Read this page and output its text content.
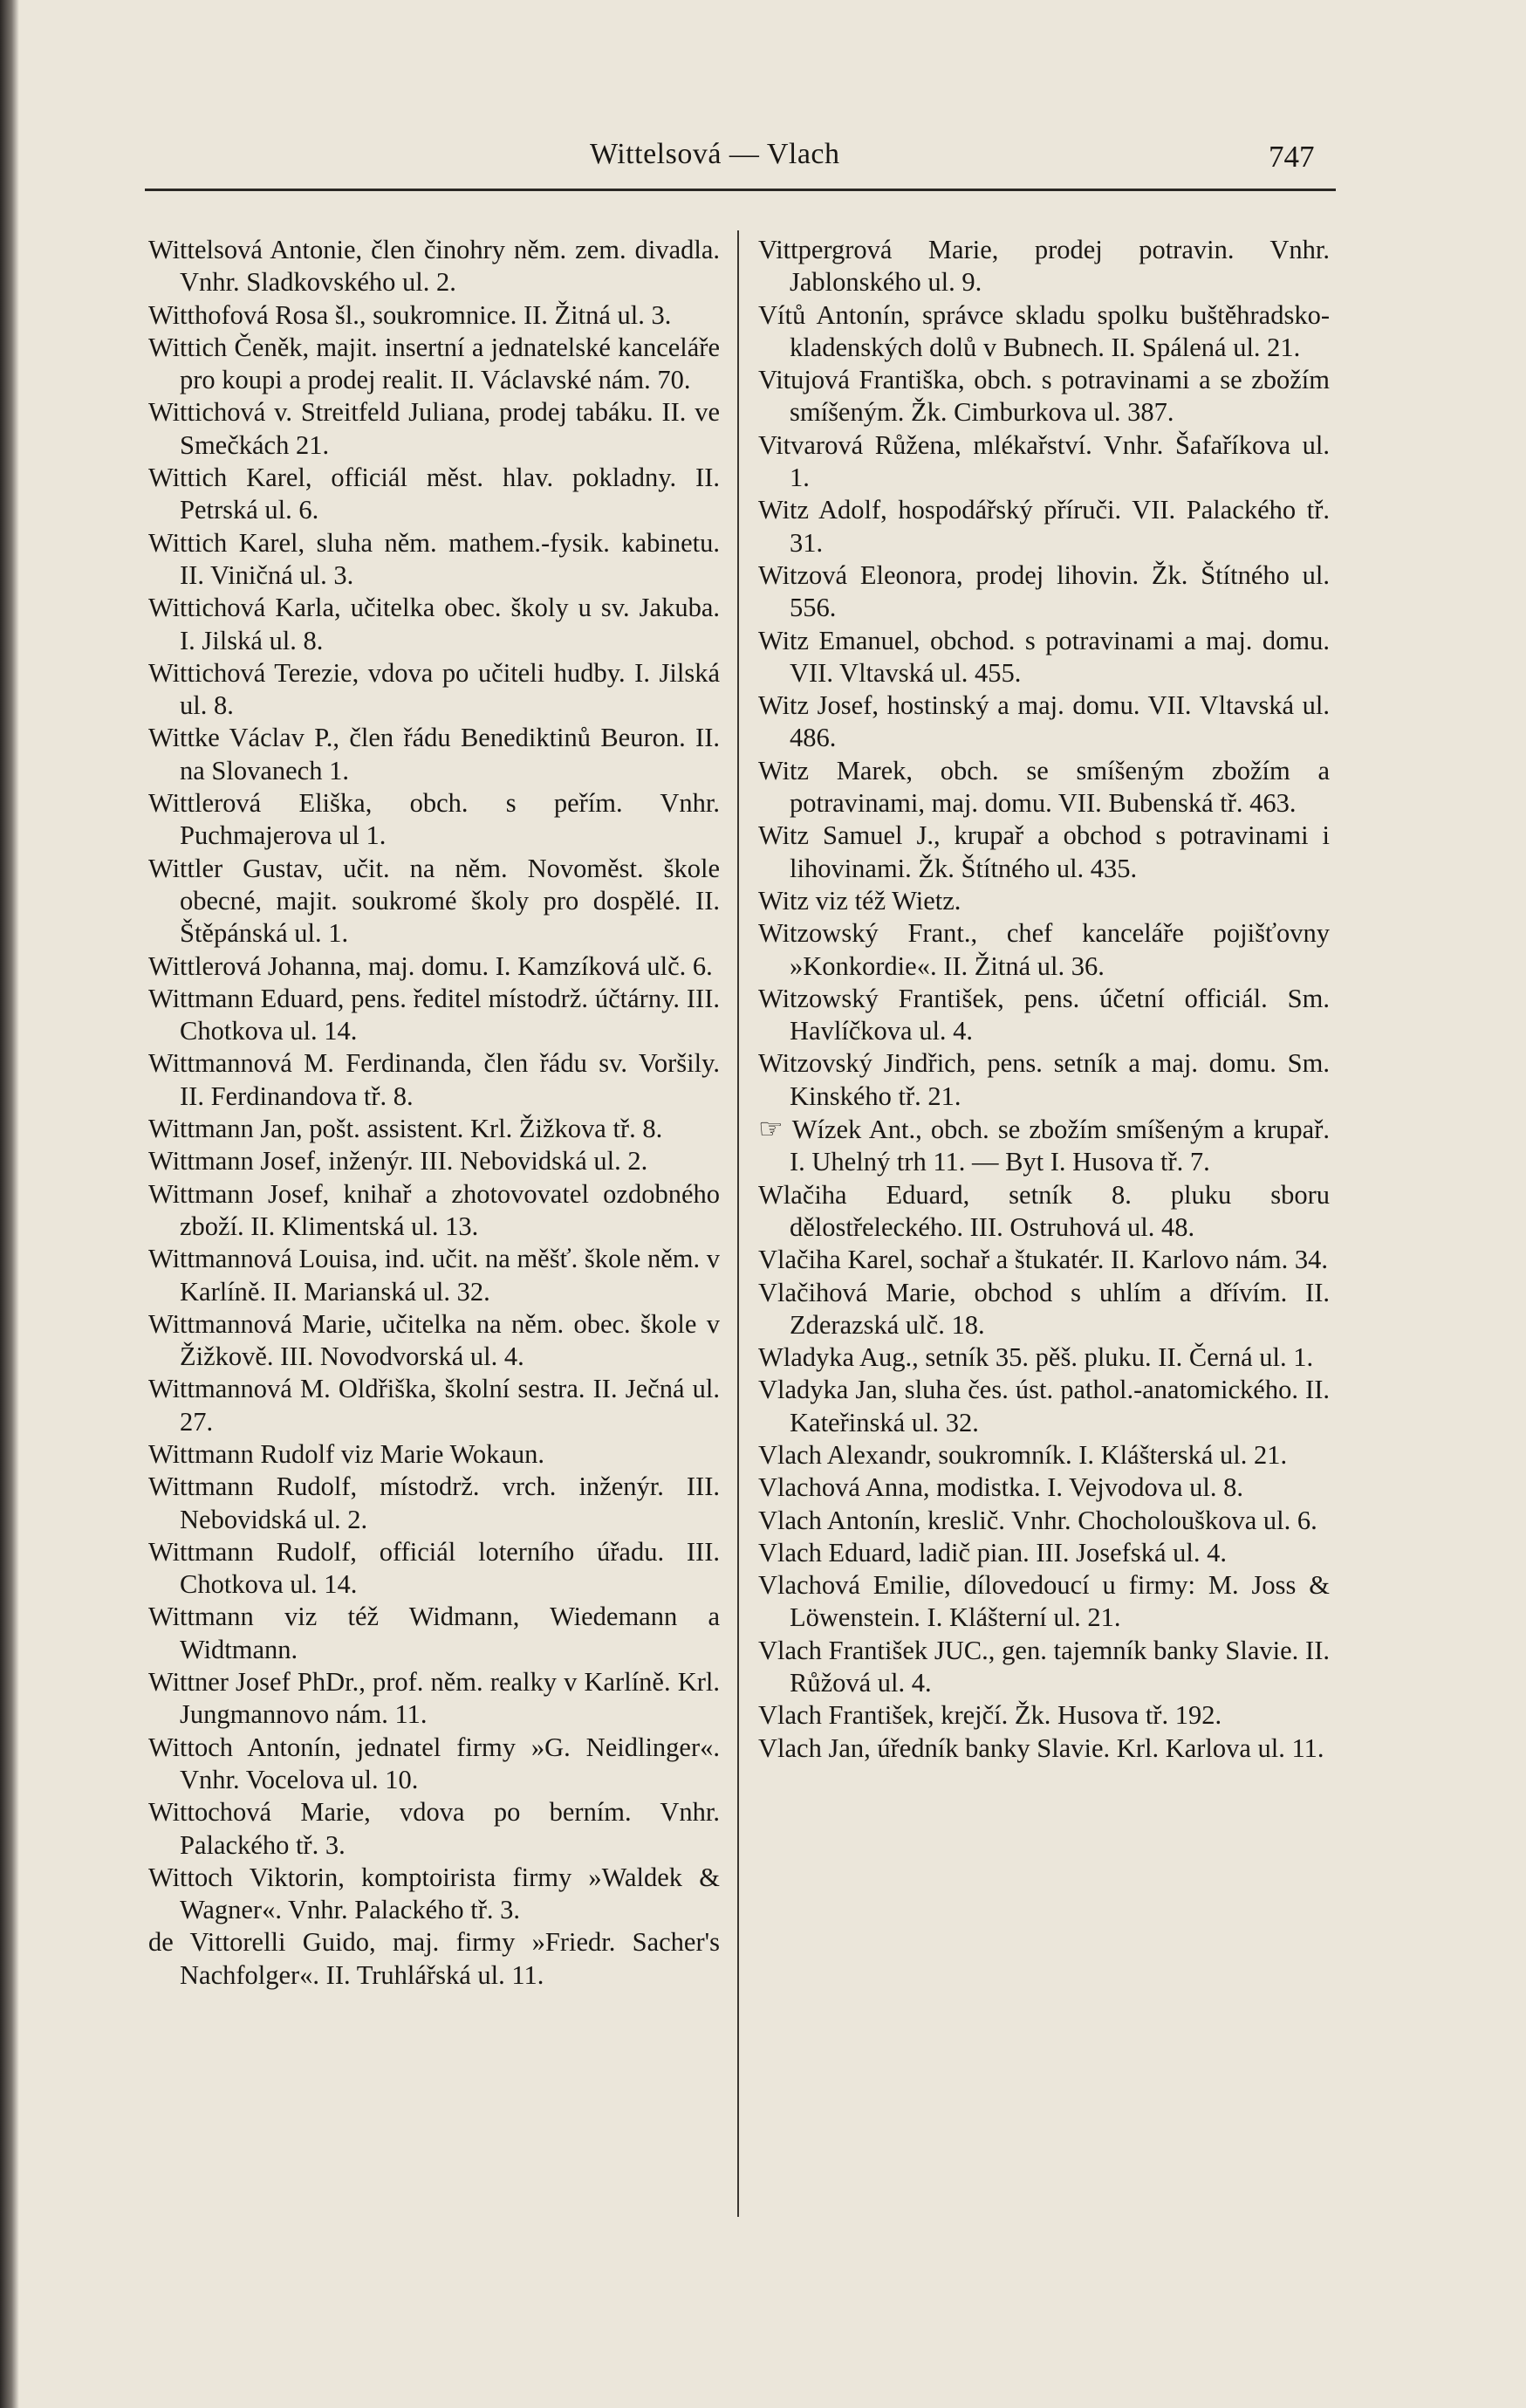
Wittelsová — Vlach	747

Wittelsová Antonie, člen činohry něm. zem. divadla. Vnhr. Sladkovského ul. 2.

Witthofová Rosa šl., soukromnice. II. Žitná ul. 3.

Wittich Čeněk, majit. insertní a jednatelské kanceláře pro koupi a prodej realit. II. Václavské nám. 70.

Wittichová v. Streitfeld Juliana, prodej tabáku. II. ve Smečkách 21.

Wittich Karel, officiál měst. hlav. pokladny. II. Petrská ul. 6.

Wittich Karel, sluha něm. mathem.-fysik. kabinetu. II. Viničná ul. 3.

Wittichová Karla, učitelka obec. školy u sv. Jakuba. I. Jilská ul. 8.

Wittichová Terezie, vdova po učiteli hudby. I. Jilská ul. 8.

Wittke Václav P., člen řádu Benediktinů Beuron. II. na Slovanech 1.

Wittlerová Eliška, obch. s peřím. Vnhr. Puchmajerova ul 1.

Wittler Gustav, učit. na něm. Novoměst. škole obecné, majit. soukromé školy pro dospělé. II. Štěpánská ul. 1.

Wittlerová Johanna, maj. domu. I. Kamzíková ulč. 6.

Wittmann Eduard, pens. ředitel místodrž. účtárny. III. Chotkova ul. 14.

Wittmannová M. Ferdinanda, člen řádu sv. Voršily. II. Ferdinandova tř. 8.

Wittmann Jan, pošt. assistent. Krl. Žižkova tř. 8.

Wittmann Josef, inženýr. III. Nebovidská ul. 2.

Wittmann Josef, knihař a zhotovovatel ozdobného zboží. II. Klimentská ul. 13.

Wittmannová Louisa, ind. učit. na měšť. škole něm. v Karlíně. II. Marianská ul. 32.

Wittmannová Marie, učitelka na něm. obec. škole v Žižkově. III. Novodvorská ul. 4.

Wittmannová M. Oldřiška, školní sestra. II. Ječná ul. 27.

Wittmann Rudolf viz Marie Wokaun.

Wittmann Rudolf, místodrž. vrch. inženýr. III. Nebovidská ul. 2.

Wittmann Rudolf, officiál loterního úřadu. III. Chotkova ul. 14.

Wittmann viz též Widmann, Wiedemann a Widtmann.

Wittner Josef PhDr., prof. něm. realky v Karlíně. Krl. Jungmannovo nám. 11.

Wittoch Antonín, jednatel firmy »G. Neidlinger«. Vnhr. Vocelova ul. 10.

Wittochová Marie, vdova po berním. Vnhr. Palackého tř. 3.

Wittoch Viktorin, komptoirista firmy »Waldek & Wagner«. Vnhr. Palackého tř. 3.

de Vittorelli Guido, maj. firmy »Friedr. Sacher's Nachfolger«. II. Truhlářská ul. 11.

Vittpergrová Marie, prodej potravin. Vnhr. Jablonského ul. 9.

Vítů Antonín, správce skladu spolku buštěhradsko-kladenských dolů v Bubnech. II. Spálená ul. 21.

Vitujová Františka, obch. s potravinami a se zbožím smíšeným. Žk. Cimburkova ul. 387.

Vitvarová Růžena, mlékařství. Vnhr. Šafaříkova ul. 1.

Witz Adolf, hospodářský příruči. VII. Palackého tř. 31.

Witzová Eleonora, prodej lihovin. Žk. Štítného ul. 556.

Witz Emanuel, obchod. s potravinami a maj. domu. VII. Vltavská ul. 455.

Witz Josef, hostinský a maj. domu. VII. Vltavská ul. 486.

Witz Marek, obch. se smíšeným zbožím a potravinami, maj. domu. VII. Bubenská tř. 463.

Witz Samuel J., krupař a obchod s potravinami i lihovinami. Žk. Štítného ul. 435.

Witz viz též Wietz.

Witzowský Frant., chef kanceláře pojišťovny »Konkordie«. II. Žitná ul. 36.

Witzowský František, pens. účetní officiál. Sm. Havlíčkova ul. 4.

Witzovský Jindřich, pens. setník a maj. domu. Sm. Kinského tř. 21.

☞ Wízek Ant., obch. se zbožím smíšeným a krupař. I. Uhelný trh 11. — Byt I. Husova tř. 7.

Wlačiha Eduard, setník 8. pluku sboru dělostřeleckého. III. Ostruhová ul. 48.

Vlačiha Karel, sochař a štukatér. II. Karlovo nám. 34.

Vlačihová Marie, obchod s uhlím a dřívím. II. Zderazská ulč. 18.

Wladyka Aug., setník 35. pěš. pluku. II. Černá ul. 1.

Vladyka Jan, sluha čes. úst. pathol.-anatomického. II. Kateřinská ul. 32.

Vlach Alexandr, soukromník. I. Klášterská ul. 21.

Vlachová Anna, modistka. I. Vejvodova ul. 8.

Vlach Antonín, kreslič. Vnhr. Chocholouškova ul. 6.

Vlach Eduard, ladič pian. III. Josefská ul. 4.

Vlachová Emilie, dílovedoucí u firmy: M. Joss & Löwenstein. I. Klášterní ul. 21.

Vlach František JUC., gen. tajemník banky Slavie. II. Růžová ul. 4.

Vlach František, krejčí. Žk. Husova tř. 192.

Vlach Jan, úředník banky Slavie. Krl. Karlova ul. 11.
